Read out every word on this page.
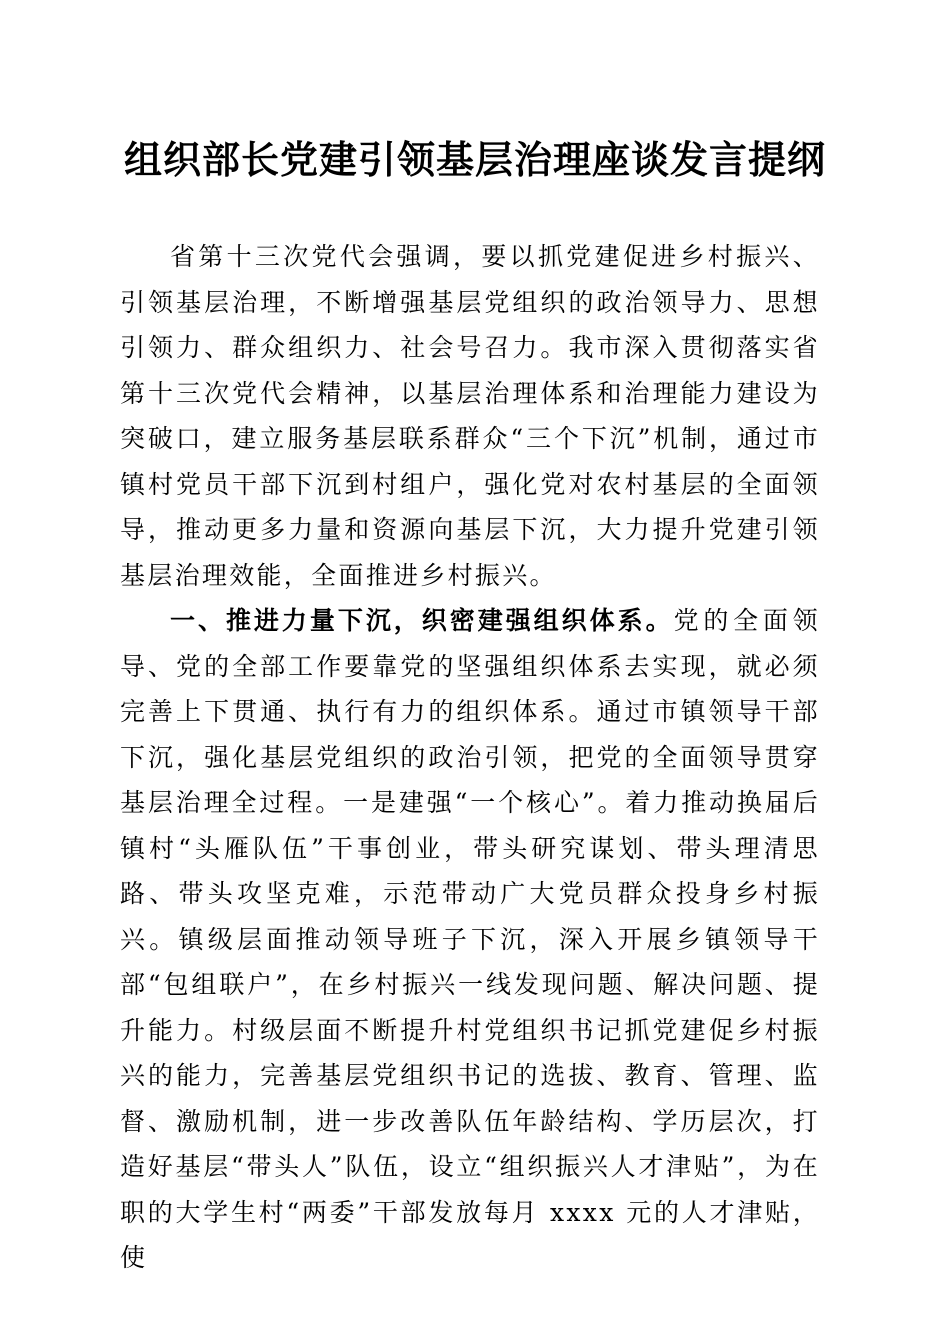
组织部长党建引领基层治理座谈发言提纲

省第十三次党代会强调，要以抓党建促进乡村振兴、引领基层治理，不断增强基层党组织的政治领导力、思想引领力、群众组织力、社会号召力。我市深入贯彻落实省第十三次党代会精神，以基层治理体系和治理能力建设为突破口，建立服务基层联系群众“三个下沉”机制，通过市镇村党员干部下沉到村组户，强化党对农村基层的全面领导，推动更多力量和资源向基层下沉，大力提升党建引领基层治理效能，全面推进乡村振兴。

一、推进力量下沉，织密建强组织体系。党的全面领导、党的全部工作要靠党的坚强组织体系去实现，就必须完善上下贯通、执行有力的组织体系。通过市镇领导干部下沉，强化基层党组织的政治引领，把党的全面领导贯穿基层治理全过程。一是建强“一个核心”。着力推动换届后镇村“头雁队伍”干事创业，带头研究谋划、带头理清思路、带头攻坚克难，示范带动广大党员群众投身乡村振兴。镇级层面推动领导班子下沉，深入开展乡镇领导干部“包组联户”，在乡村振兴一线发现问题、解决问题、提升能力。村级层面不断提升村党组织书记抓党建促乡村振兴的能力，完善基层党组织书记的选拔、教育、管理、监督、激励机制，进一步改善队伍年龄结构、学历层次，打造好基层“带头人”队伍，设立“组织振兴人才津贴”，为在职的大学生村“两委”干部发放每月 xxxx 元的人才津贴，使
